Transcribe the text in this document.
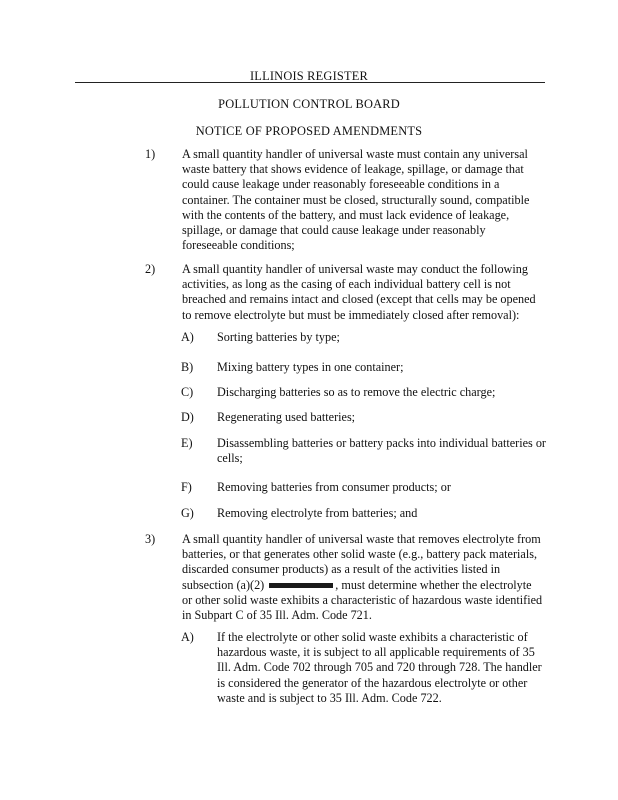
ILLINOIS REGISTER
POLLUTION CONTROL BOARD
NOTICE OF PROPOSED AMENDMENTS
1)	A small quantity handler of universal waste must contain any universal waste battery that shows evidence of leakage, spillage, or damage that could cause leakage under reasonably foreseeable conditions in a container. The container must be closed, structurally sound, compatible with the contents of the battery, and must lack evidence of leakage, spillage, or damage that could cause leakage under reasonably foreseeable conditions;
2)	A small quantity handler of universal waste may conduct the following activities, as long as the casing of each individual battery cell is not breached and remains intact and closed (except that cells may be opened to remove electrolyte but must be immediately closed after removal):
A)	Sorting batteries by type;
B)	Mixing battery types in one container;
C)	Discharging batteries so as to remove the electric charge;
D)	Regenerating used batteries;
E)	Disassembling batteries or battery packs into individual batteries or cells;
F)	Removing batteries from consumer products; or
G)	Removing electrolyte from batteries; and
3)	A small quantity handler of universal waste that removes electrolyte from batteries, or that generates other solid waste (e.g., battery pack materials, discarded consumer products) as a result of the activities listed in subsection (a)(2)	, must determine whether the electrolyte or other solid waste exhibits a characteristic of hazardous waste identified in Subpart C of 35 Ill. Adm. Code 721.
A)	If the electrolyte or other solid waste exhibits a characteristic of hazardous waste, it is subject to all applicable requirements of 35 Ill. Adm. Code 702 through 705 and 720 through 728. The handler is considered the generator of the hazardous electrolyte or other waste and is subject to 35 Ill. Adm. Code 722.
